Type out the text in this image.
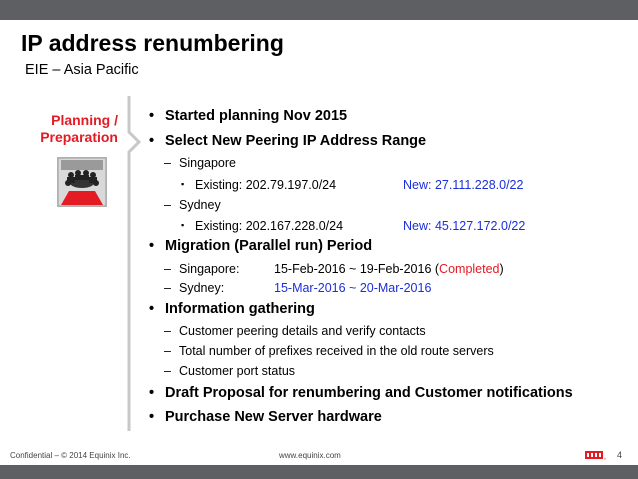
IP address renumbering
EIE – Asia Pacific
Planning /
Preparation
• Started planning Nov 2015
• Select New Peering IP Address Range
– Singapore
▪ Existing: 202.79.197.0/24	New: 27.111.228.0/22
– Sydney
▪ Existing: 202.167.228.0/24	New: 45.127.172.0/22
• Migration (Parallel run) Period
– Singapore:	15-Feb-2016 ~ 19-Feb-2016 (Completed)
– Sydney:	15-Mar-2016 ~ 20-Mar-2016
• Information gathering
– Customer peering details and verify contacts
– Total number of prefixes received in the old route servers
– Customer port status
• Draft Proposal for renumbering and Customer notifications
• Purchase New Server hardware
Confidential – © 2014 Equinix Inc.	www.equinix.com	® 4
